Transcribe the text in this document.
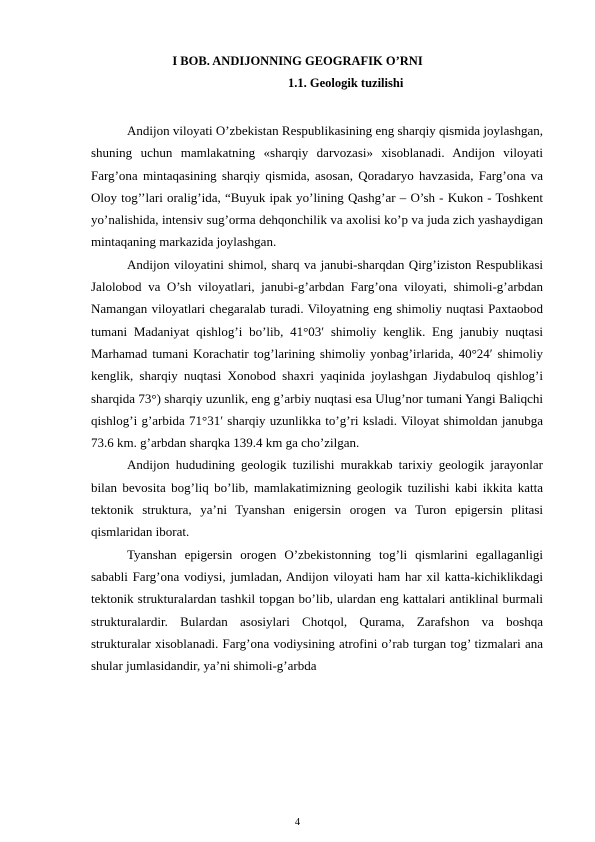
I BOB. ANDIJONNING GEOGRAFIK O’RNI
1.1. Geologik tuzilishi

Andijon viloyati O’zbekistan Respublikasining eng sharqiy qismida joylashgan, shuning uchun mamlakatning «sharqiy darvozasi» xisoblanadi. Andijon viloyati Farg’ona mintaqasining sharqiy qismida, asosan, Qoradaryo havzasida, Farg’ona va Oloy tog’’lari oralig’ida, “Buyuk ipak yo’lining Qashg’ar – O’sh - Kukon - Toshkent yo’nalishida, intensiv sug’orma dehqonchilik va axolisi ko’p va juda zich yashaydigan mintaqaning markazida joylashgan.

Andijon viloyatini shimol, sharq va janubi-sharqdan Qirg’iziston Respublikasi Jalolobod va O’sh viloyatlari, janubi-g’arbdan Farg’ona viloyati, shimoli-g’arbdan Namangan viloyatlari chegaralab turadi. Viloyatning eng shimoliy nuqtasi Paxtaobod tumani Madaniyat qishlog’i bo’lib, 41°03′ shimoliy kenglik. Eng janubiy nuqtasi Marhamad tumani Korachatir tog’larining shimoliy yonbag’irlarida, 40°24′ shimoliy kenglik, sharqiy nuqtasi Xonobod shaxri yaqinida joylashgan Jiydabuloq qishlog’i sharqida 73°) sharqiy uzunlik, eng g’arbiy nuqtasi esa Ulug’nor tumani Yangi Baliqchi qishlog’i g’arbida 71°31′ sharqiy uzunlikka to’g’ri ksladi. Viloyat shimoldan janubga 73.6 km. g’arbdan sharqka 139.4 km ga cho’zilgan.

Andijon hududining geologik tuzilishi murakkab tarixiy geologik jarayonlar bilan bevosita bog’liq bo’lib, mamlakatimizning geologik tuzilishi kabi ikkita katta tektonik struktura, ya’ni Tyanshan enigersin orogen va Turon epigersin plitasi qismlaridan iborat.

Tyanshan epigersin orogen O’zbekistonning tog’li qismlarini egallaganligi sababli Farg’ona vodiysi, jumladan, Andijon viloyati ham har xil katta-kichiklikdagi tektonik strukturalardan tashkil topgan bo’lib, ulardan eng kattalari antiklinal burmali strukturalardir. Bulardan asosiylari Chotqol, Qurama, Zarafshon va boshqa strukturalar xisoblanadi. Farg’ona vodiysining atrofini o’rab turgan tog’ tizmalari ana shular jumlasidandir, ya’ni shimoli-g’arbda

4
